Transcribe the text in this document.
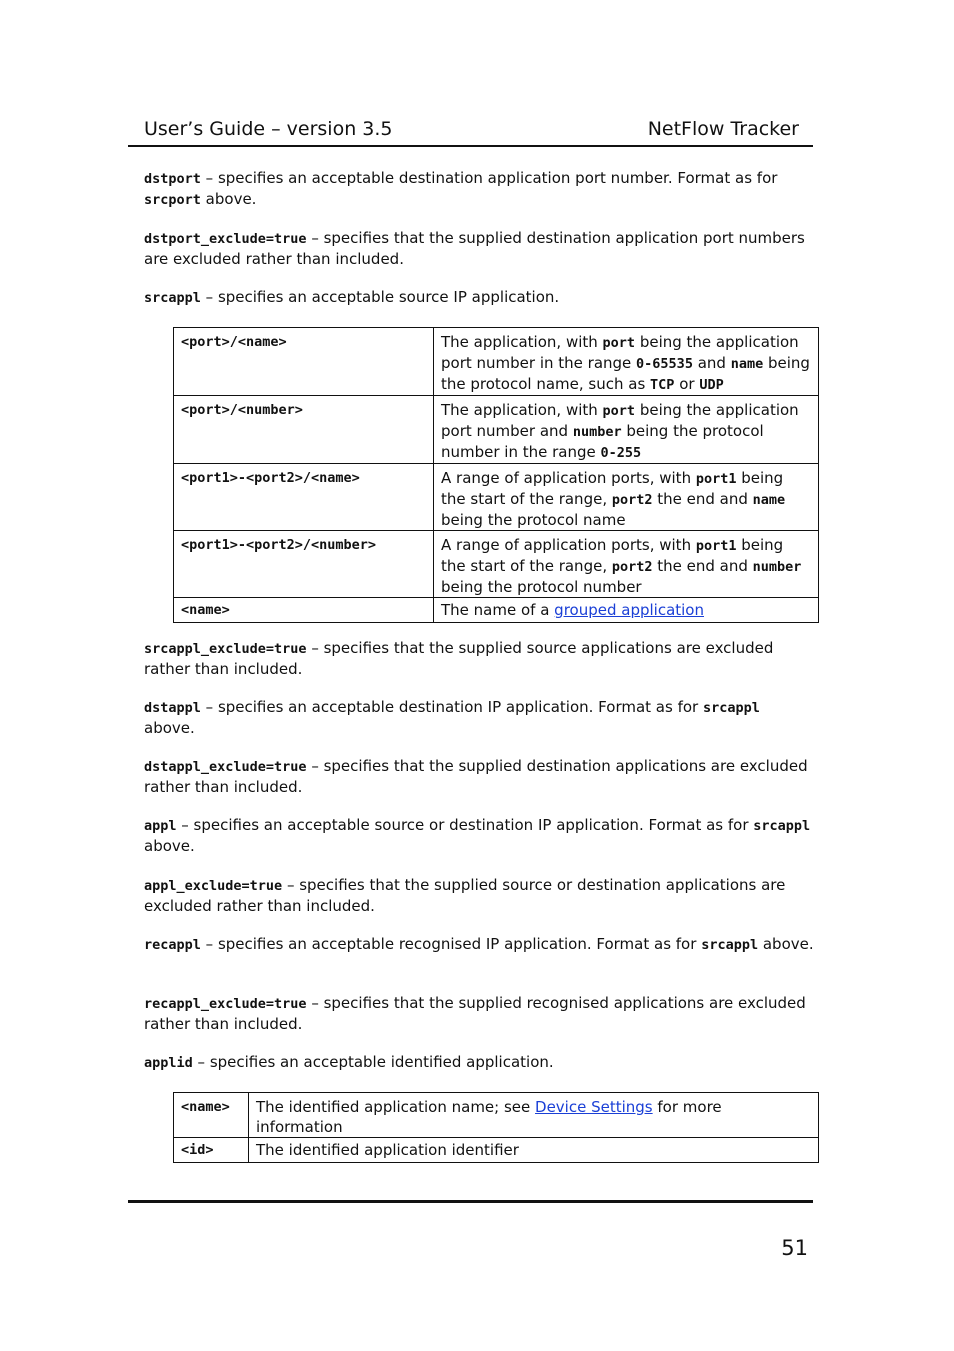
User’s Guide – version 3.5	NetFlow Tracker
dstport – specifies an acceptable destination application port number. Format as for srcport above.
dstport_exclude=true – specifies that the supplied destination application port numbers are excluded rather than included.
srcappl – specifies an acceptable source IP application.
<port>/<name>	The application, with port being the application port number in the range 0-65535 and name being the protocol name, such as TCP or UDP
<port>/<number>	The application, with port being the application port number and number being the protocol number in the range 0-255
<port1>-<port2>/<name>	A range of application ports, with port1 being the start of the range, port2 the end and name being the protocol name
<port1>-<port2>/<number>	A range of application ports, with port1 being the start of the range, port2 the end and number being the protocol number
<name>	The name of a grouped application
srcappl_exclude=true – specifies that the supplied source applications are excluded rather than included.
dstappl – specifies an acceptable destination IP application. Format as for srcappl above.
dstappl_exclude=true – specifies that the supplied destination applications are excluded rather than included.
appl – specifies an acceptable source or destination IP application. Format as for srcappl above.
appl_exclude=true – specifies that the supplied source or destination applications are excluded rather than included.
recappl – specifies an acceptable recognised IP application. Format as for srcappl above.
recappl_exclude=true – specifies that the supplied recognised applications are excluded rather than included.
applid – specifies an acceptable identified application.
<name>	The identified application name; see Device Settings for more information
<id>	The identified application identifier
51
